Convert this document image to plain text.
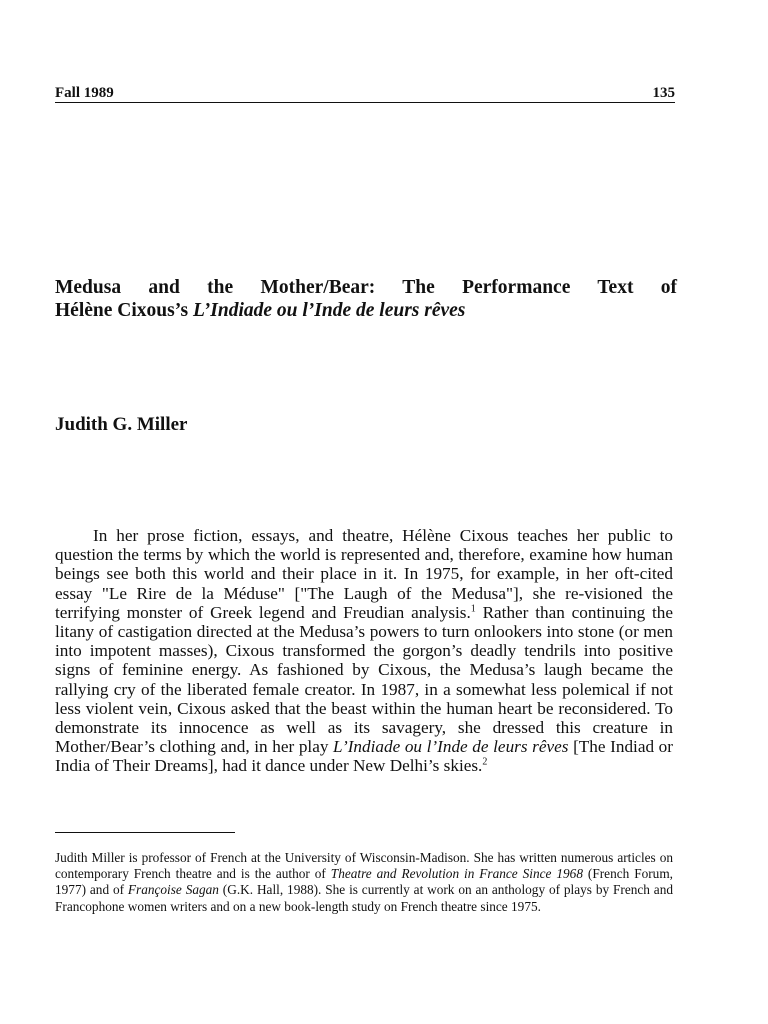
Fall 1989	135
Medusa and the Mother/Bear: The Performance Text of
Hélène Cixous’s L’Indiade ou l’Inde de leurs rêves
Judith G. Miller

In her prose fiction, essays, and theatre, Hélène Cixous teaches her public to question the terms by which the world is represented and, therefore, examine how human beings see both this world and their place in it. In 1975, for example, in her oft-cited essay "Le Rire de la Méduse" ["The Laugh of the Medusa"], she re-visioned the terrifying monster of Greek legend and Freudian analysis.$^1$ Rather than continuing the litany of castigation directed at the Medusa’s powers to turn onlookers into stone (or men into impotent masses), Cixous transformed the gorgon’s deadly tendrils into positive signs of feminine energy. As fashioned by Cixous, the Medusa’s laugh became the rallying cry of the liberated female creator. In 1987, in a somewhat less polemical if not less violent vein, Cixous asked that the beast within the human heart be reconsidered. To demonstrate its innocence as well as its savagery, she dressed this creature in Mother/Bear’s clothing and, in her play L’Indiade ou l’Inde de leurs rêves [The Indiad or India of Their Dreams], had it dance under New Delhi’s skies.$^2$

Judith Miller is professor of French at the University of Wisconsin-Madison. She has written numerous articles on contemporary French theatre and is the author of Theatre and Revolution in France Since 1968 (French Forum, 1977) and of Françoise Sagan (G.K. Hall, 1988). She is currently at work on an anthology of plays by French and Francophone women writers and on a new book-length study on French theatre since 1975.
